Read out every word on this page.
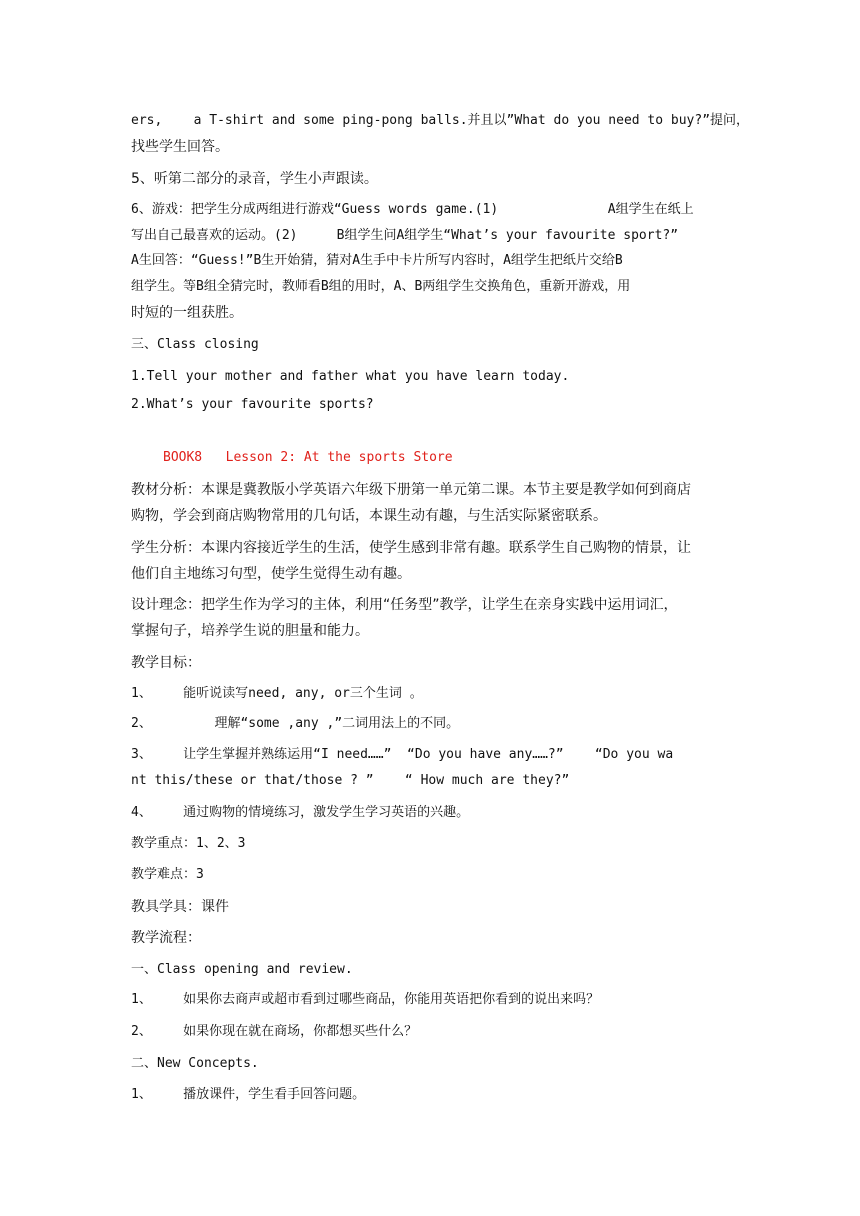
ers,    a T-shirt and some ping-pong balls.并且以”What do you need to buy?”提问，
找些学生回答。
5、听第二部分的录音，学生小声跟读。
6、游戏：把学生分成两组进行游戏“Guess words game.(1)              A组学生在纸上
写出自己最喜欢的运动。(2)     B组学生问A组学生“What’s your favourite sport?”
A生回答：“Guess!”B生开始猜，猜对A生手中卡片所写内容时，A组学生把纸片交给B
组学生。等B组全猜完时，教师看B组的用时，A、B两组学生交换角色，重新开游戏，用
时短的一组获胜。
三、Class closing
1.Tell your mother and father what you have learn today.
2.What’s your favourite sports?
BOOK8   Lesson 2: At the sports Store
教材分析：本课是冀教版小学英语六年级下册第一单元第二课。本节主要是教学如何到商店
购物，学会到商店购物常用的几句话，本课生动有趣，与生活实际紧密联系。
学生分析：本课内容接近学生的生活，使学生感到非常有趣。联系学生自己购物的情景，让
他们自主地练习句型，使学生觉得生动有趣。
设计理念：把学生作为学习的主体，利用“任务型”教学，让学生在亲身实践中运用词汇，
掌握句子，培养学生说的胆量和能力。
教学目标：
1、    能听说读写need, any, or三个生词 。
2、        理解“some ,any ,”二词用法上的不同。
3、    让学生掌握并熟练运用“I need……”  “Do you have any……?”    “Do you wa
nt this/these or that/those ? ”    “ How much are they?”
4、    通过购物的情境练习，激发学生学习英语的兴趣。
教学重点：1、2、3
教学难点：3
教具学具：课件
教学流程：
一、Class opening and review.
1、    如果你去商声或超市看到过哪些商品，你能用英语把你看到的说出来吗？
2、    如果你现在就在商场，你都想买些什么？
二、New Concepts.
1、    播放课件，学生看手回答问题。
